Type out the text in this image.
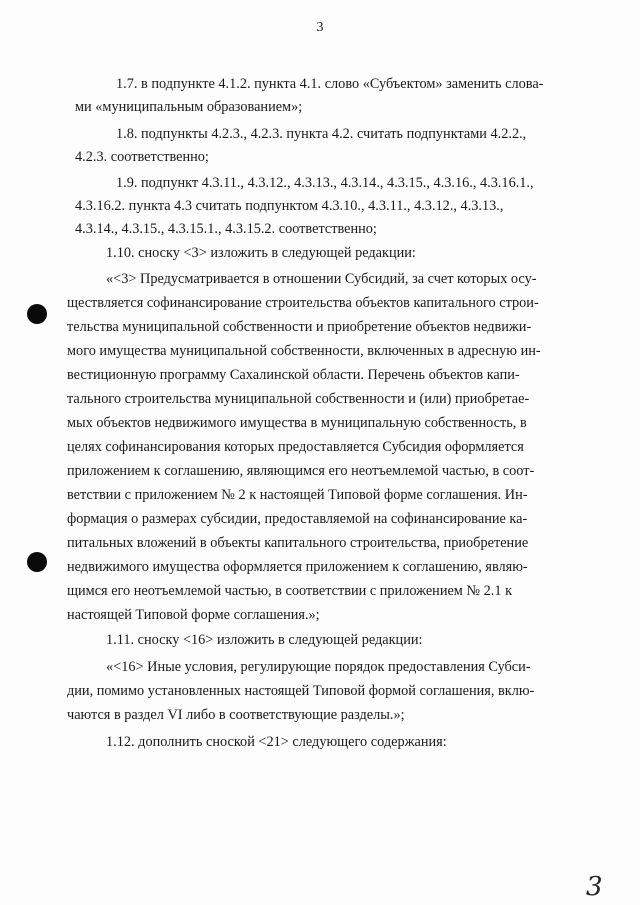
3
1.7. в подпункте 4.1.2. пункта 4.1. слово «Субъектом» заменить слова-
ми «муниципальным образованием»;
1.8. подпункты 4.2.3., 4.2.3. пункта 4.2. считать подпунктами 4.2.2.,
4.2.3. соответственно;
1.9. подпункт 4.3.11., 4.3.12., 4.3.13., 4.3.14., 4.3.15., 4.3.16., 4.3.16.1.,
4.3.16.2. пункта 4.3 считать подпунктом 4.3.10., 4.3.11., 4.3.12., 4.3.13.,
4.3.14., 4.3.15., 4.3.15.1., 4.3.15.2. соответственно;
1.10. сноску <3> изложить в следующей редакции:
«<3> Предусматривается в отношении Субсидий, за счет которых осу-
ществляется софинансирование строительства объектов капитального строи-
тельства муниципальной собственности и приобретение объектов недвижи-
мого имущества муниципальной собственности, включенных в адресную ин-
вестиционную программу Сахалинской области. Перечень объектов капи-
тального строительства муниципальной собственности и (или) приобретае-
мых объектов недвижимого имущества в муниципальную собственность, в
целях софинансирования которых предоставляется Субсидия оформляется
приложением к соглашению, являющимся его неотъемлемой частью, в соот-
ветствии с приложением № 2 к настоящей Типовой форме соглашения. Ин-
формация о размерах субсидии, предоставляемой на софинансирование ка-
питальных вложений в объекты капитального строительства, приобретение
недвижимого имущества оформляется приложением к соглашению, являю-
щимся его неотъемлемой частью, в соответствии с приложением № 2.1 к
настоящей Типовой форме соглашения.»;
1.11. сноску <16> изложить в следующей редакции:
«<16> Иные условия, регулирующие порядок предоставления Субси-
дии, помимо установленных настоящей Типовой формой соглашения, вклю-
чаются в раздел VI либо в соответствующие разделы.»;
1.12. дополнить сноской <21> следующего содержания:
3
